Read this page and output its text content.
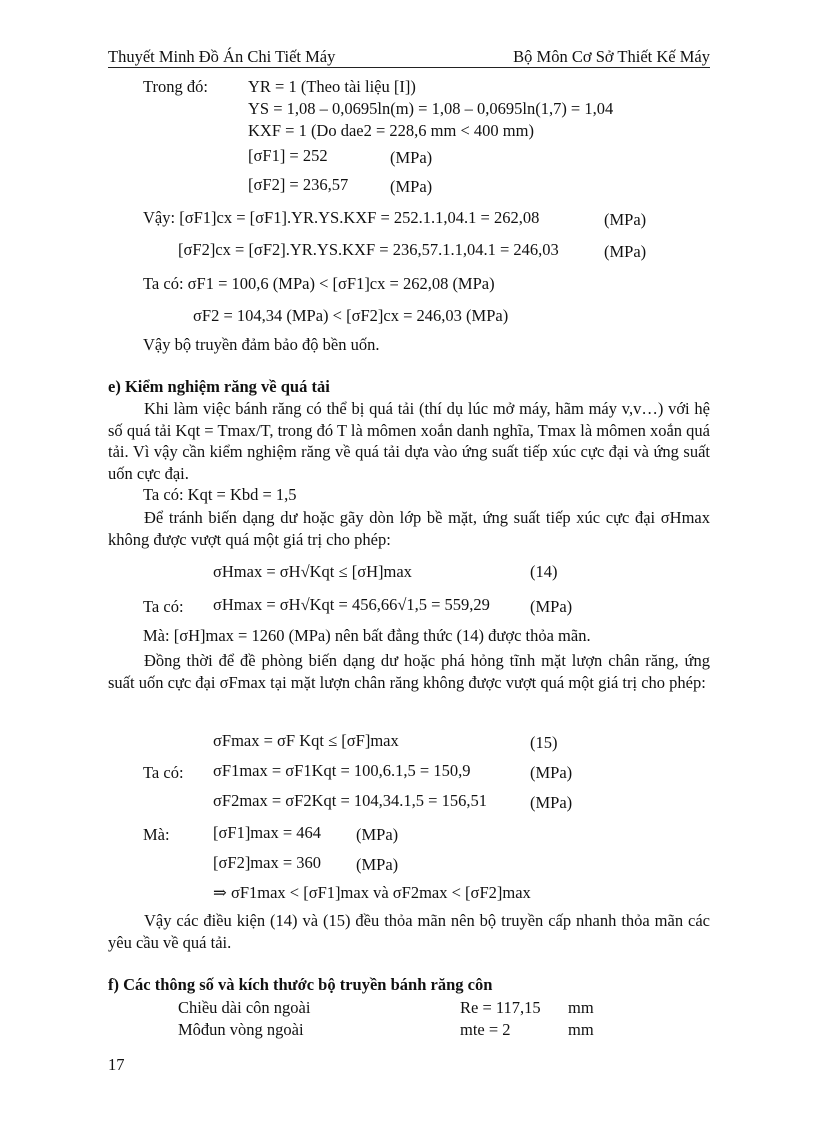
Thuyết Minh Đồ Án Chi Tiết Máy	Bộ Môn Cơ Sở Thiết Kế Máy
Trong đó: YR = 1 (Theo tài liệu [I])
YS = 1,08 – 0,0695ln(m) = 1,08 – 0,0695ln(1,7) = 1,04
KXF = 1 (Do dae2 = 228,6 mm < 400 mm)
[σF1] = 252	(MPa)
[σF2] = 236,57	(MPa)
Vậy: [σF1]cx = [σF1].YR.YS.KXF = 252.1.1,04.1 = 262,08	(MPa)
[σF2]cx = [σF2].YR.YS.KXF = 236,57.1.1,04.1 = 246,03	(MPa)
Ta có: σF1 = 100,6 (MPa) < [σF1]cx = 262,08 (MPa)
σF2 = 104,34 (MPa) < [σF2]cx = 246,03 (MPa)
Vậy bộ truyền đảm bảo độ bền uốn.
e) Kiểm nghiệm răng về quá tải
Khi làm việc bánh răng có thể bị quá tải (thí dụ lúc mở máy, hãm máy v,v…) với hệ số quá tải Kqt = Tmax/T, trong đó T là mômen xoắn danh nghĩa, Tmax là mômen xoắn quá tải. Vì vậy cần kiểm nghiệm răng về quá tải dựa vào ứng suất tiếp xúc cực đại và ứng suất uốn cực đại.
Ta có: Kqt = Kbd = 1,5
Để tránh biến dạng dư hoặc gãy dòn lớp bề mặt, ứng suất tiếp xúc cực đại σHmax không được vượt quá một giá trị cho phép:
σHmax = σH√Kqt ≤ [σH]max	(14)
Ta có: σHmax = σH√Kqt = 456,66√1,5 = 559,29 (MPa)
Mà: [σH]max = 1260 (MPa) nên bất đẳng thức (14) được thỏa mãn.
Đồng thời để đề phòng biến dạng dư hoặc phá hỏng tĩnh mặt lượn chân răng, ứng suất uốn cực đại σFmax tại mặt lượn chân răng không được vượt quá một giá trị cho phép:
σFmax = σF Kqt ≤ [σF]max	(15)
Ta có: σF1max = σF1Kqt = 100,6.1,5 = 150,9	(MPa)
σF2max = σF2Kqt = 104,34.1,5 = 156,51	(MPa)
Mà:	[σF1]max = 464 (MPa)
[σF2]max = 360 (MPa)
⇒ σF1max < [σF1]max và σF2max < [σF2]max
Vậy các điều kiện (14) và (15) đều thỏa mãn nên bộ truyền cấp nhanh thỏa mãn các yêu cầu về quá tải.
f) Các thông số và kích thước bộ truyền bánh răng côn
Chiều dài côn ngoài	Re = 117,15 mm
Môđun vòng ngoài	mte = 2	mm
17
